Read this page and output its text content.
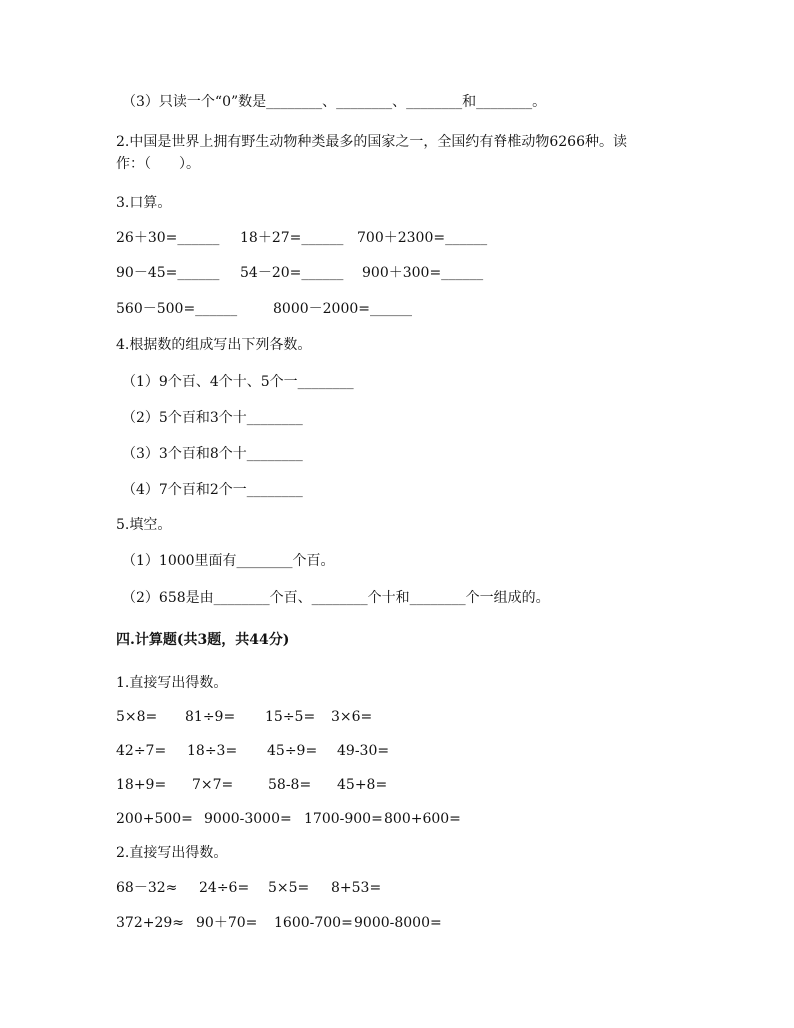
（3）只读一个“0”数是________、________、________和________。
2.中国是世界上拥有野生动物种类最多的国家之一，全国约有脊椎动物6266种。读
作：（　　）。
3.口算。
26＋30=______ 18＋27=______ 700＋2300=______
90－45=______ 54－20=______ 900＋300=______
560－500=______	8000－2000=______
4.根据数的组成写出下列各数。
（1）9个百、4个十、5个一________
（2）5个百和3个十________
（3）3个百和8个十________
（4）7个百和2个一________
5.填空。
（1）1000里面有________个百。
（2）658是由________个百、________个十和________个一组成的。
四.计算题(共3题，共44分)
1.直接写出得数。
5×8= 81÷9= 15÷5= 3×6=
42÷7= 18÷3= 45÷9= 49-30=
18+9= 7×7= 58-8= 45+8=
200+500= 9000-3000= 1700-900=800+600=
2.直接写出得数。
68－32≈ 24÷6= 5×5= 8+53=
372+29≈ 90＋70= 1600-700=9000-8000=
